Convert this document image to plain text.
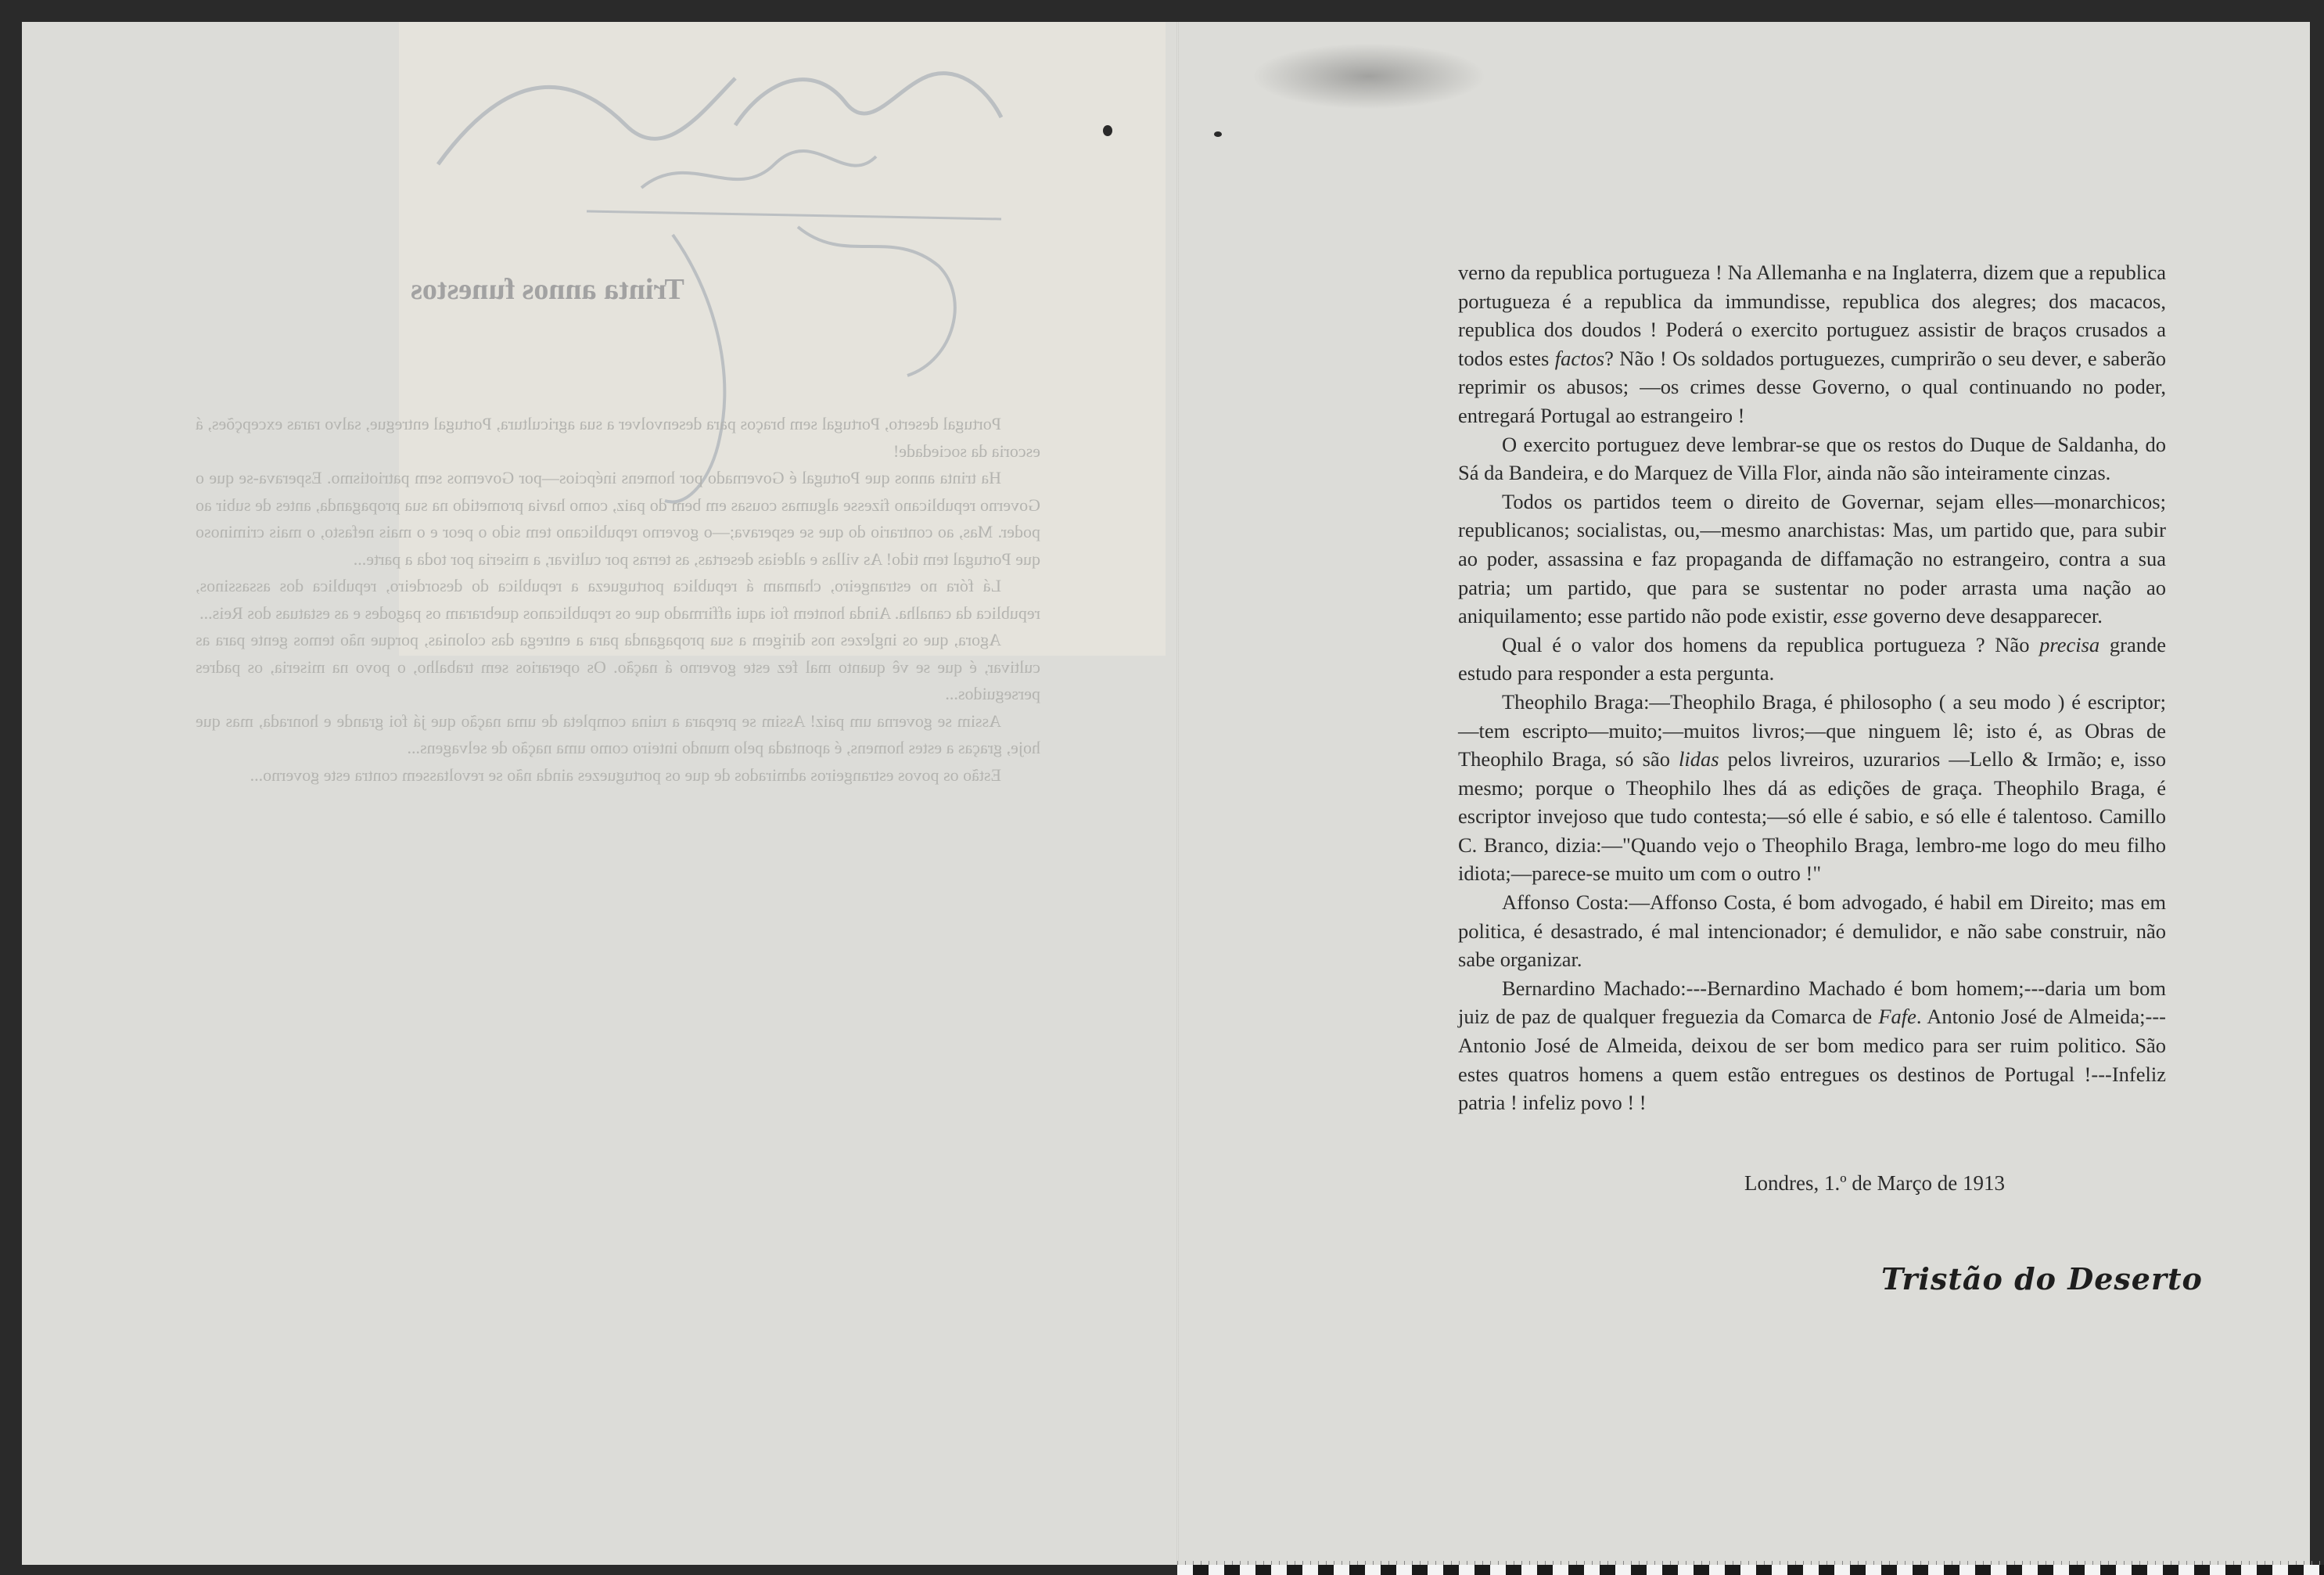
Trinta annos funestos

Portugal deserto, Portugal sem braços para desenvolver a sua agricultura, Portugal entregue, salvo raras excepções, á escoria da sociedade!

Ha trinta annos que Portugal é Governado por homens inépcios—por Governos sem patriotismo. Esperava-se que o Governo republicano fizesse algumas cousas em bem do paiz, como havia prometido na sua propaganda, antes de subir ao poder. Mas, ao contrario do que se esperava;—o governo republicano tem sido o peor e o mais nefasto, o mais criminoso que Portugal tem tido! As villas e aldeias desertas, as terras por cultivar, a miseria por toda a parte...

Lá fóra no estrangeiro, chamam á republica portugueza a republica do desordeiro, republica dos assassinos, republica da canalha. Ainda hontem foi aqui affirmado que os republicanos quebraram os pagodes e as estatuas dos Reis...

Agora, que os inglezes nos dirigem a sua propaganda para a entrega das colonias, porque não temos gente para as cultivar, é que se vê quanto mal fez este governo á nação. Os operarios sem trabalho, o povo na miseria, os padres perseguidos...

Assim se governa um paiz! Assim se prepara a ruina completa de uma nação que já foi grande e honrada, mas que hoje, graças a estes homens, é apontada pelo mundo inteiro como uma nação de selvagens...

Estão os povos estrangeiros admirados de que os portuguezes ainda não se revoltassem contra este governo...

verno da republica portugueza ! Na Allemanha e na Inglaterra, dizem que a republica portugueza é a republica da immundisse, republica dos alegres; dos macacos, republica dos doudos ! Poderá o exercito portuguez assistir de braços crusados a todos estes factos? Não ! Os soldados portuguezes, cumprirão o seu dever, e saberão reprimir os abusos; —os crimes desse Governo, o qual continuando no poder, entregará Portugal ao estrangeiro !

O exercito portuguez deve lembrar-se que os restos do Duque de Saldanha, do Sá da Bandeira, e do Marquez de Villa Flor, ainda não são inteiramente cinzas.

Todos os partidos teem o direito de Governar, sejam elles—monarchicos; republicanos; socialistas, ou,—mesmo anarchistas: Mas, um partido que, para subir ao poder, assassina e faz propaganda de diffamação no estrangeiro, contra a sua patria; um partido, que para se sustentar no poder arrasta uma nação ao aniquilamento; esse partido não pode existir, esse governo deve desapparecer.

Qual é o valor dos homens da republica portugueza ? Não precisa grande estudo para responder a esta pergunta.

Theophilo Braga:—Theophilo Braga, é philosopho ( a seu modo ) é escriptor;—tem escripto—muito;—muitos livros;—que ninguem lê; isto é, as Obras de Theophilo Braga, só são lidas pelos livreiros, uzurarios —Lello & Irmão; e, isso mesmo; porque o Theophilo lhes dá as edições de graça. Theophilo Braga, é escriptor invejoso que tudo contesta;—só elle é sabio, e só elle é talentoso. Camillo C. Branco, dizia:—"Quando vejo o Theophilo Braga, lembro-me logo do meu filho idiota;—parece-se muito um com o outro !"

Affonso Costa:—Affonso Costa, é bom advogado, é habil em Direito; mas em politica, é desastrado, é mal intencionador; é demulidor, e não sabe construir, não sabe organizar.

Bernardino Machado:---Bernardino Machado é bom homem;---daria um bom juiz de paz de qualquer freguezia da Comarca de Fafe. Antonio José de Almeida;---Antonio José de Almeida, deixou de ser bom medico para ser ruim politico. São estes quatros homens a quem estão entregues os destinos de Portugal !---Infeliz patria ! infeliz povo ! !

Londres, 1.º de Março de 1913
Tristão do Deserto
